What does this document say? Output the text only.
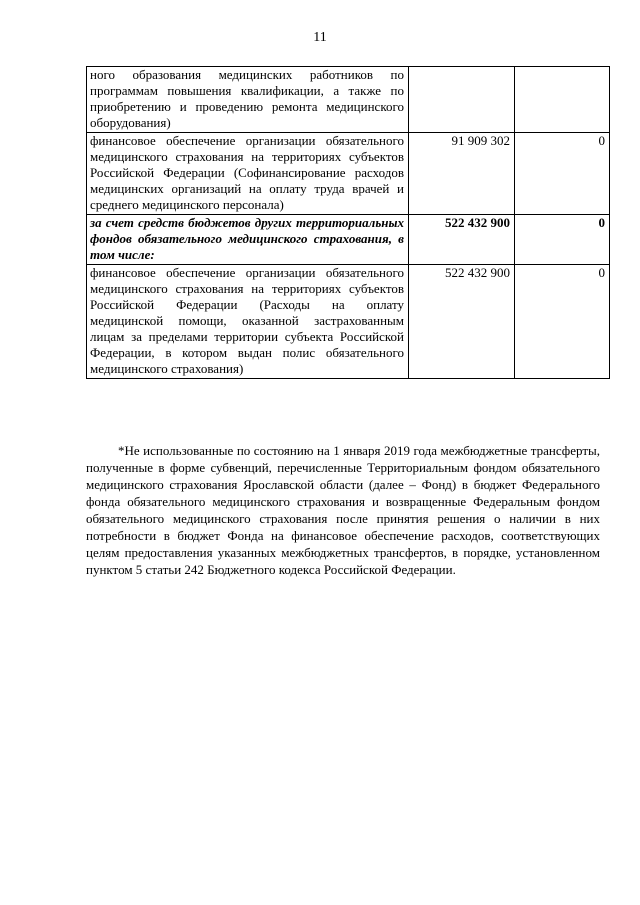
11
ного образования медицинских работников по программам повышения квалификации, а также по приобретению и проведению ремонта медицинского оборудования)		
финансовое обеспечение организации обязательного медицинского страхования на территориях субъектов Российской Федерации (Софинансирование расходов медицинских организаций на оплату труда врачей и среднего медицинского персонала)	91 909 302	0
за счет средств бюджетов других территориальных фондов обязательного медицинского страхования, в том числе:	522 432 900	0
финансовое обеспечение организации обязательного медицинского страхования на территориях субъектов Российской Федерации (Расходы на оплату медицинской помощи, оказанной застрахованным лицам за пределами территории субъекта Российской Федерации, в котором выдан полис обязательного медицинского страхования)	522 432 900	0

*Не использованные по состоянию на 1 января 2019 года межбюджетные трансферты, полученные в форме субвенций, перечисленные Территориальным фондом обязательного медицинского страхования Ярославской области (далее – Фонд) в бюджет Федерального фонда обязательного медицинского страхования и возвращенные Федеральным фондом обязательного медицинского страхования после принятия решения о наличии в них потребности в бюджет Фонда на финансовое обеспечение расходов, соответствующих целям предоставления указанных межбюджетных трансфертов, в порядке, установленном пунктом 5 статьи 242 Бюджетного кодекса Российской Федерации.
